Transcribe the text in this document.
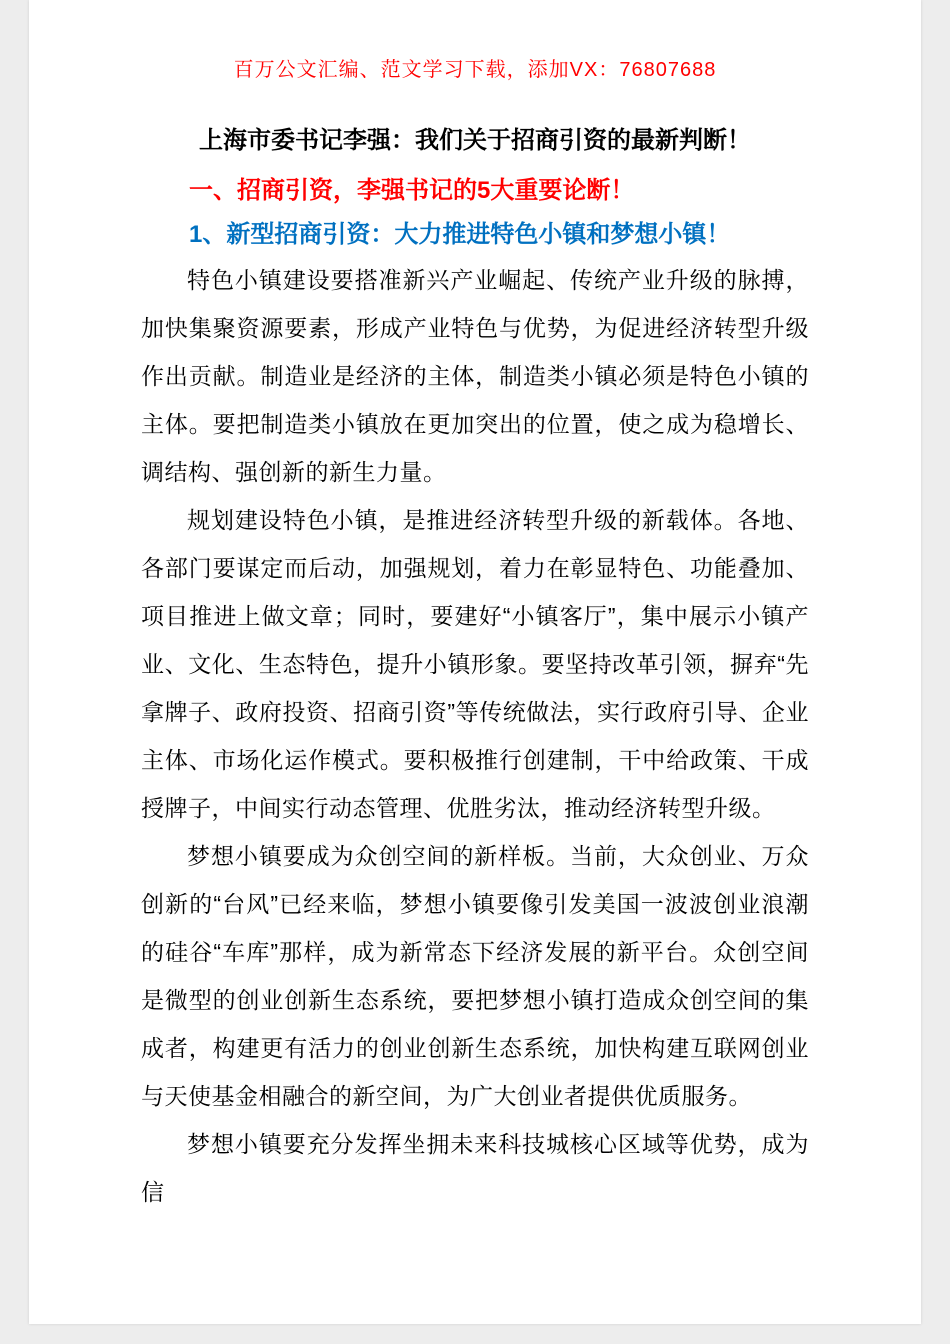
百万公文汇编、范文学习下载，添加VX：76807688
上海市委书记李强：我们关于招商引资的最新判断！
一、招商引资，李强书记的5大重要论断！
1、新型招商引资：大力推进特色小镇和梦想小镇！

特色小镇建设要搭准新兴产业崛起、传统产业升级的脉搏，加快集聚资源要素，形成产业特色与优势，为促进经济转型升级作出贡献。制造业是经济的主体，制造类小镇必须是特色小镇的主体。要把制造类小镇放在更加突出的位置，使之成为稳增长、调结构、强创新的新生力量。

规划建设特色小镇，是推进经济转型升级的新载体。各地、各部门要谋定而后动，加强规划，着力在彰显特色、功能叠加、项目推进上做文章；同时，要建好“小镇客厅”，集中展示小镇产业、文化、生态特色，提升小镇形象。要坚持改革引领，摒弃“先拿牌子、政府投资、招商引资”等传统做法，实行政府引导、企业主体、市场化运作模式。要积极推行创建制，干中给政策、干成授牌子，中间实行动态管理、优胜劣汰，推动经济转型升级。

梦想小镇要成为众创空间的新样板。当前，大众创业、万众创新的“台风”已经来临，梦想小镇要像引发美国一波波创业浪潮的硅谷“车库”那样，成为新常态下经济发展的新平台。众创空间是微型的创业创新生态系统，要把梦想小镇打造成众创空间的集成者，构建更有活力的创业创新生态系统，加快构建互联网创业与天使基金相融合的新空间，为广大创业者提供优质服务。

梦想小镇要充分发挥坐拥未来科技城核心区域等优势，成为信
